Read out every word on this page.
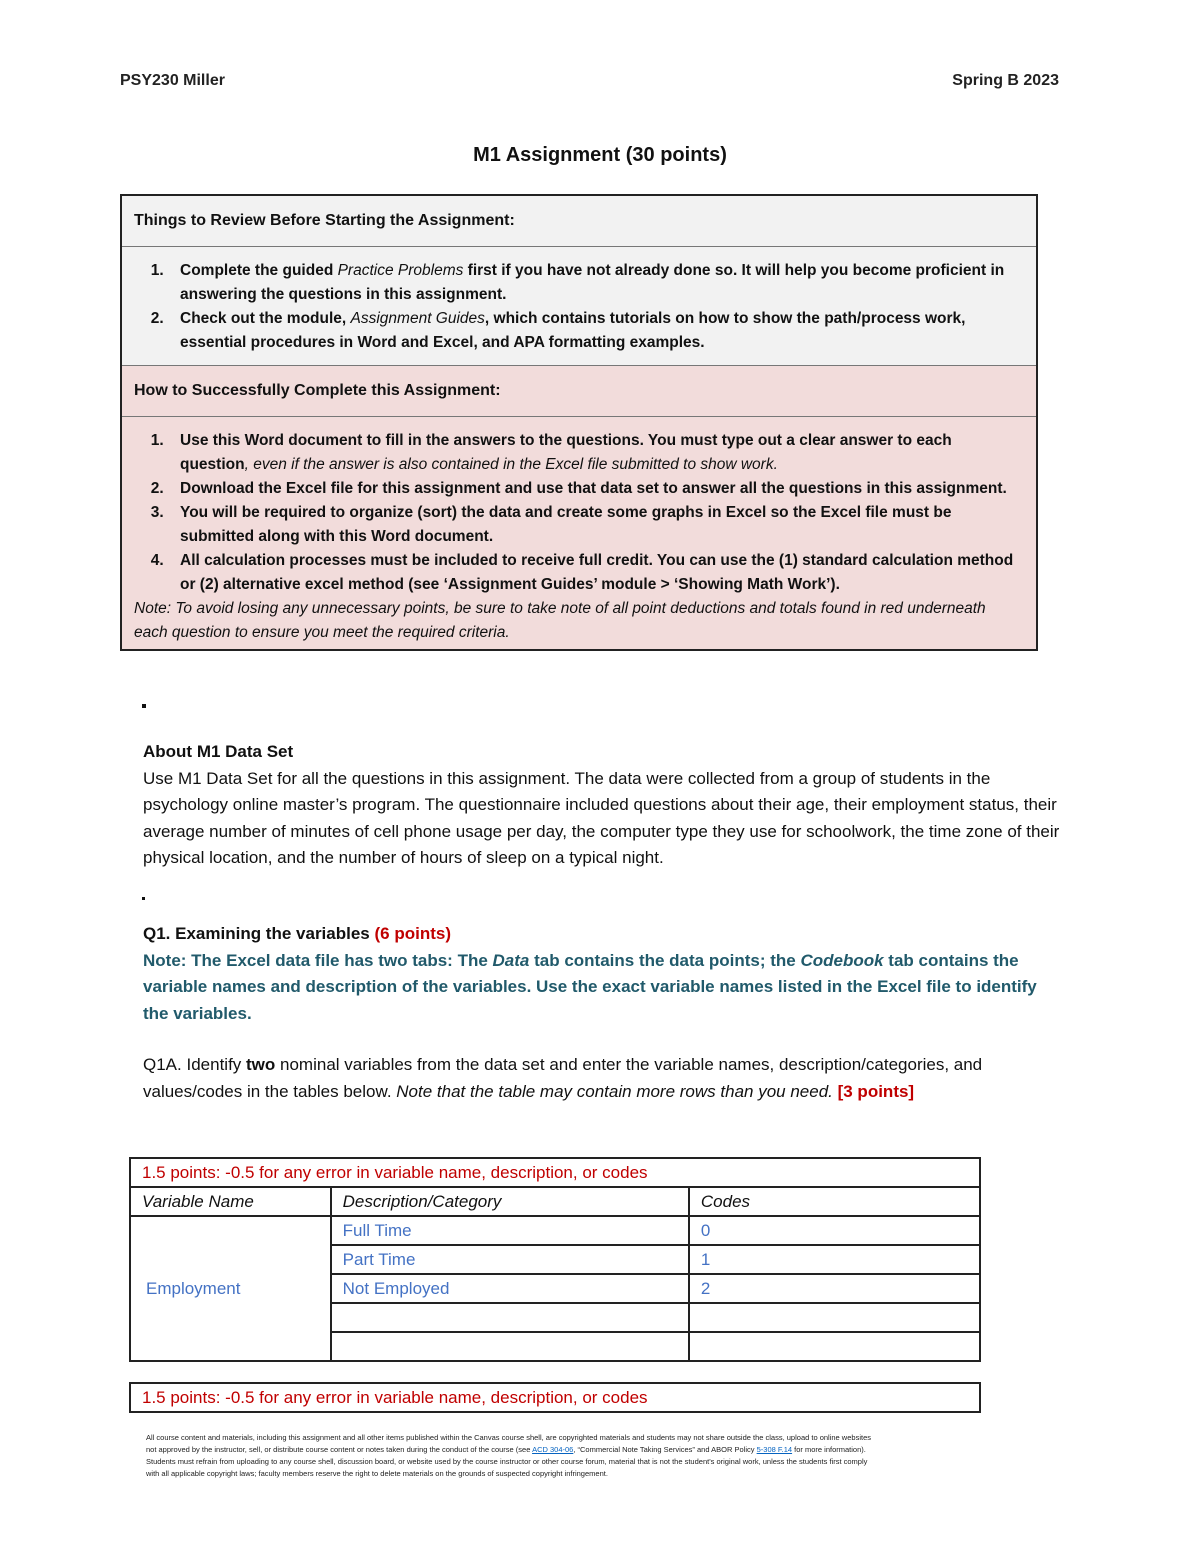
PSY230 Miller	Spring B 2023
M1 Assignment (30 points)
Things to Review Before Starting the Assignment:
1. Complete the guided Practice Problems first if you have not already done so. It will help you become proficient in answering the questions in this assignment.
2. Check out the module, Assignment Guides, which contains tutorials on how to show the path/process work, essential procedures in Word and Excel, and APA formatting examples.
How to Successfully Complete this Assignment:
1. Use this Word document to fill in the answers to the questions. You must type out a clear answer to each question, even if the answer is also contained in the Excel file submitted to show work.
2. Download the Excel file for this assignment and use that data set to answer all the questions in this assignment.
3. You will be required to organize (sort) the data and create some graphs in Excel so the Excel file must be submitted along with this Word document.
4. All calculation processes must be included to receive full credit. You can use the (1) standard calculation method or (2) alternative excel method (see ‘Assignment Guides’ module > ‘Showing Math Work’).
Note: To avoid losing any unnecessary points, be sure to take note of all point deductions and totals found in red underneath each question to ensure you meet the required criteria.
About M1 Data Set
Use M1 Data Set for all the questions in this assignment. The data were collected from a group of students in the psychology online master’s program. The questionnaire included questions about their age, their employment status, their average number of minutes of cell phone usage per day, the computer type they use for schoolwork, the time zone of their physical location, and the number of hours of sleep on a typical night.
Q1. Examining the variables (6 points)
Note: The Excel data file has two tabs: The Data tab contains the data points; the Codebook tab contains the variable names and description of the variables. Use the exact variable names listed in the Excel file to identify the variables.
Q1A. Identify two nominal variables from the data set and enter the variable names, description/categories, and values/codes in the tables below. Note that the table may contain more rows than you need. [3 points]
1.5 points: -0.5 for any error in variable name, description, or codes		
Variable Name	Description/Category	Codes
Employment	Full Time	0
	Part Time	1
	Not Employed	2

1.5 points: -0.5 for any error in variable name, description, or codes
All course content and materials, including this assignment and all other items published within the Canvas course shell, are copyrighted materials and students may not share outside the class, upload to online websites
not approved by the instructor, sell, or distribute course content or notes taken during the conduct of the course (see ACD 304-06, “Commercial Note Taking Services” and ABOR Policy 5-308 F.14 for more information).
Students must refrain from uploading to any course shell, discussion board, or website used by the course instructor or other course forum, material that is not the student's original work, unless the students first comply
with all applicable copyright laws; faculty members reserve the right to delete materials on the grounds of suspected copyright infringement.
